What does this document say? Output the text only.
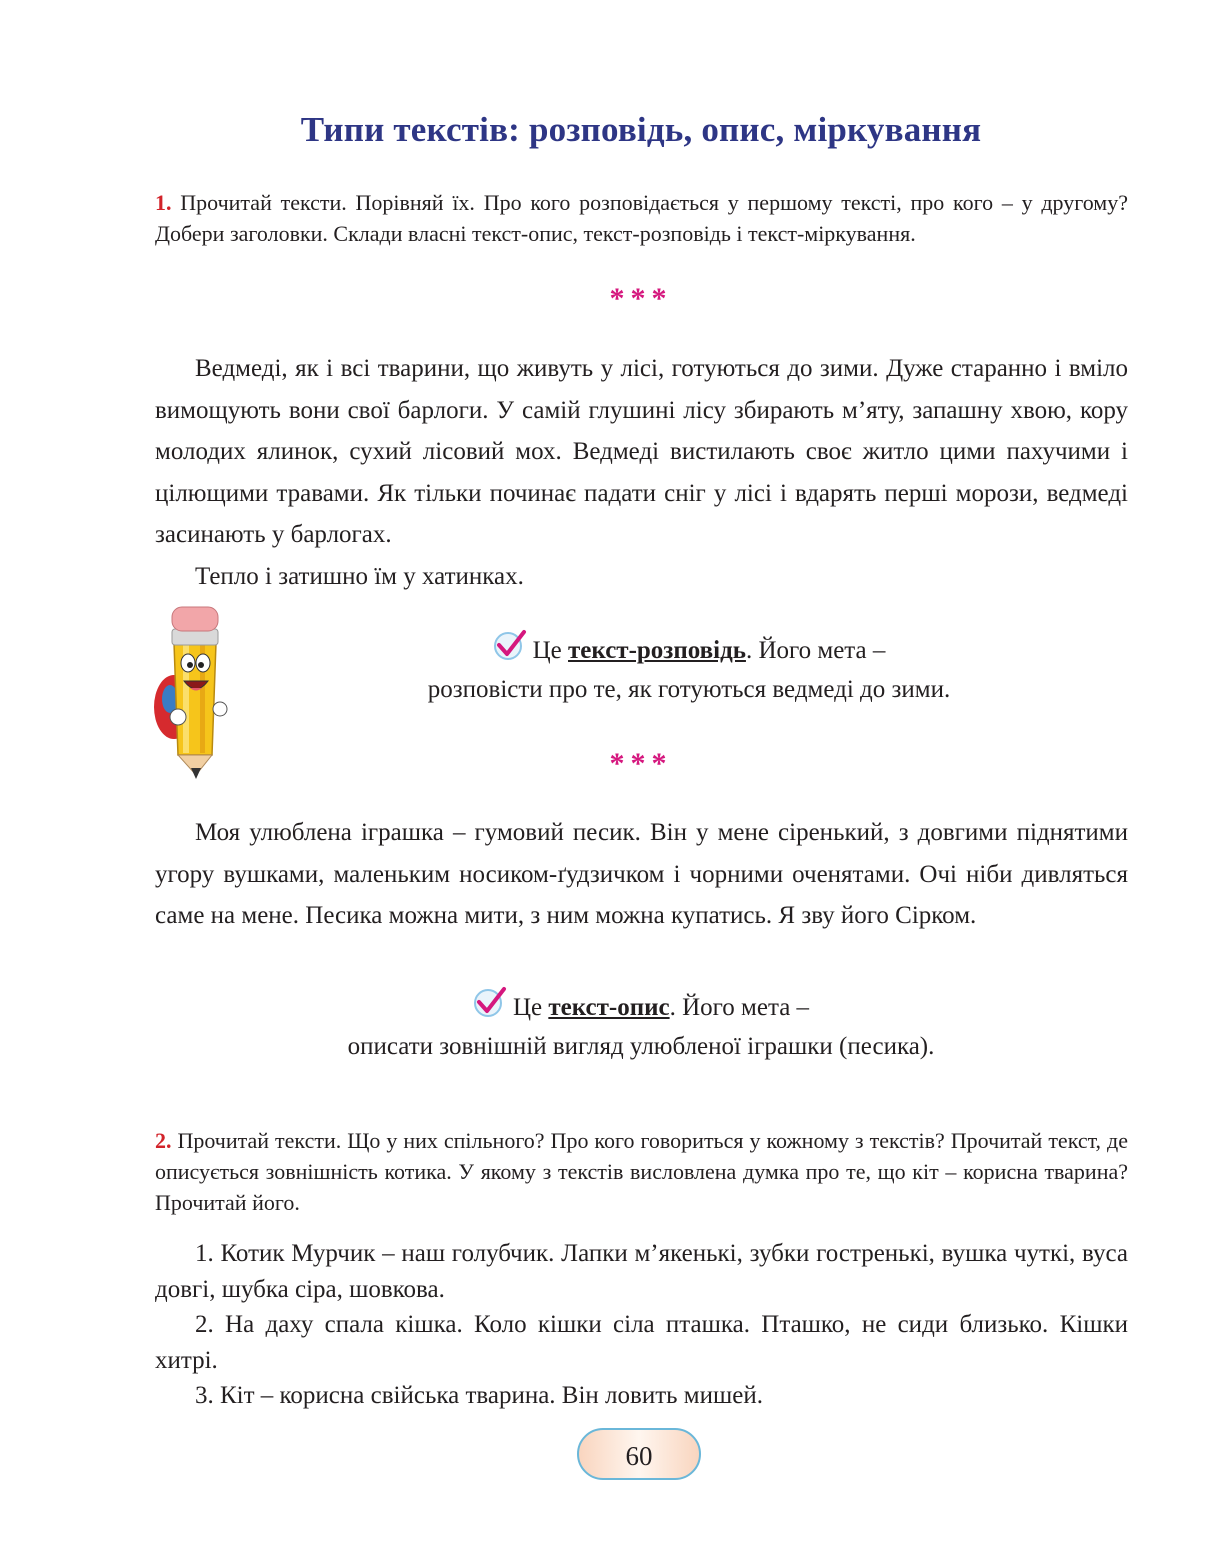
Типи текстів: розповідь, опис, міркування
1. Прочитай тексти. Порівняй їх. Про кого розповідається у першому тексті, про кого – у другому? Добери заголовки. Склади власні текст-опис, текст-розповідь і текст-міркування.
***

Ведмеді, як і всі тварини, що живуть у лісі, готуються до зими. Дуже старанно і вміло вимощують вони свої барлоги. У самій глушині лісу збирають м’яту, запашну хвою, кору молодих ялинок, сухий лісовий мох. Ведмеді вистилають своє житло цими пахучими і цілющими травами. Як тільки починає падати сніг у лісі і вдарять перші морози, ведмеді засинають у барлогах.

Тепло і затишно їм у хатинках.

Це текст-розповідь. Його мета –
розповісти про те, як готуються ведмеді до зими.
***

Моя улюблена іграшка – гумовий песик. Він у мене сіренький, з довгими піднятими угору вушками, маленьким носиком-ґудзичком і чорними оченятами. Очі ніби дивляться саме на мене. Песика можна мити, з ним можна купатись. Я зву його Сірком.

Це текст-опис. Його мета –
описати зовнішній вигляд улюбленої іграшки (песика).
2. Прочитай тексти. Що у них спільного? Про кого говориться у кожному з текстів? Прочитай текст, де описується зовнішність котика. У якому з текстів висловлена думка про те, що кіт – корисна тварина? Прочитай його.

1. Котик Мурчик – наш голубчик. Лапки м’якенькі, зубки гостренькі, вушка чуткі, вуса довгі, шубка сіра, шовкова.

2. На даху спала кішка. Коло кішки сіла пташка. Пташко, не сиди близько. Кішки хитрі.

3. Кіт – корисна свійська тварина. Він ловить мишей.

60
